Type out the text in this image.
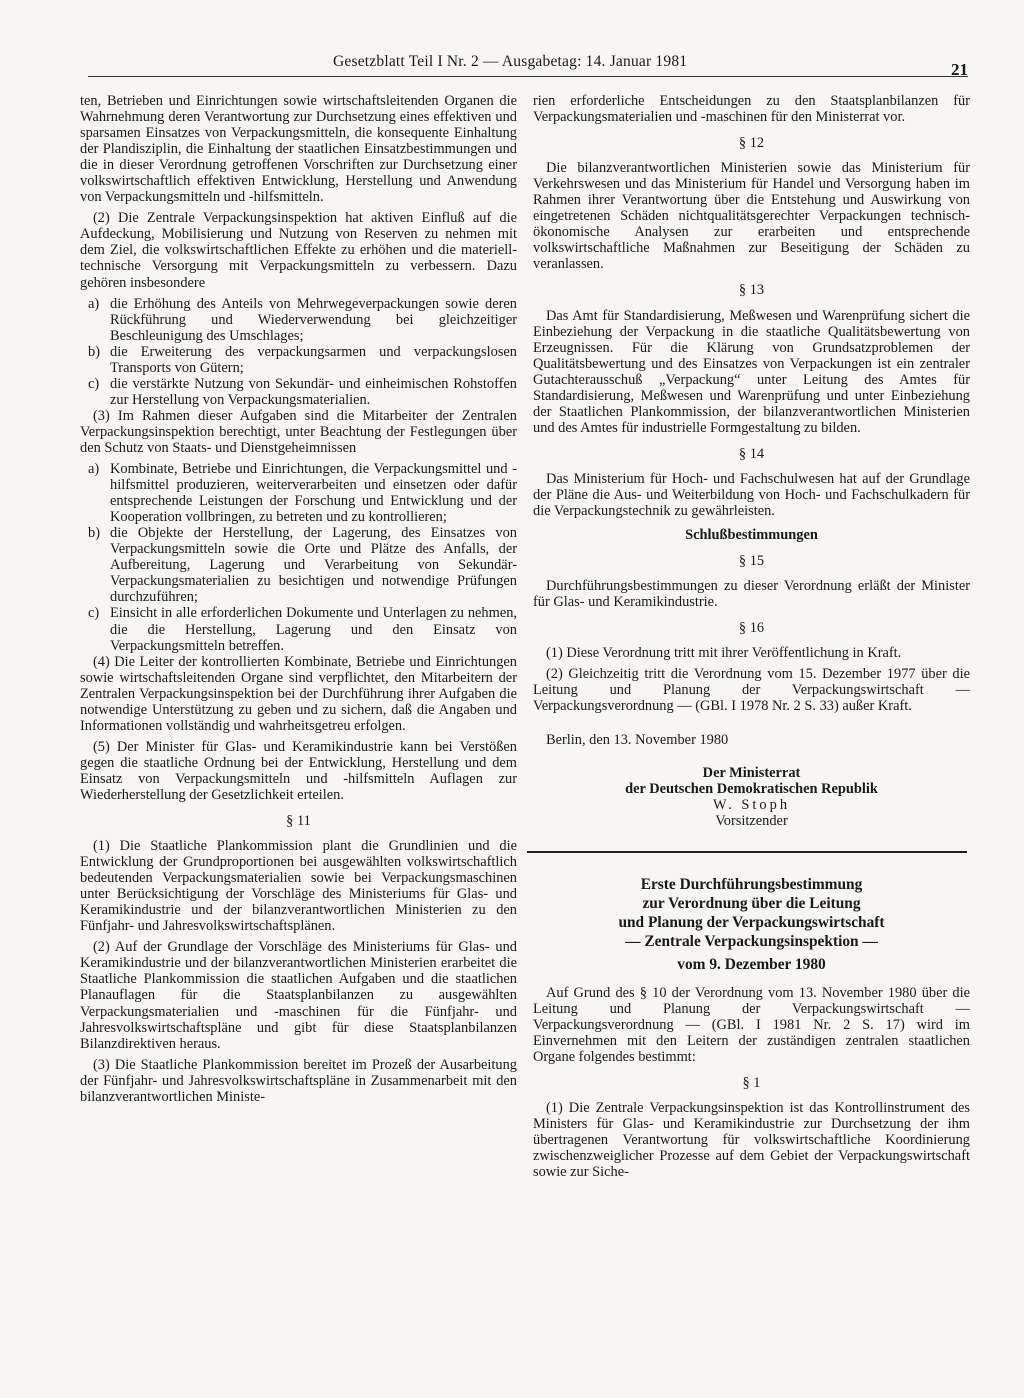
Gesetzblatt Teil I Nr. 2 — Ausgabetag: 14. Januar 1981	21

ten, Betrieben und Einrichtungen sowie wirtschaftsleitenden Organen die Wahrnehmung deren Verantwortung zur Durchsetzung eines effektiven und sparsamen Einsatzes von Verpackungsmitteln, die konsequente Einhaltung der Plandisziplin, die Einhaltung der staatlichen Einsatzbestimmungen und die in dieser Verordnung getroffenen Vorschriften zur Durchsetzung einer volkswirtschaftlich effektiven Entwicklung, Herstellung und Anwendung von Verpackungsmitteln und -hilfsmitteln.

(2) Die Zentrale Verpackungsinspektion hat aktiven Einfluß auf die Aufdeckung, Mobilisierung und Nutzung von Reserven zu nehmen mit dem Ziel, die volkswirtschaftlichen Effekte zu erhöhen und die materiell-technische Versorgung mit Verpackungsmitteln zu verbessern. Dazu gehören insbesondere

a) die Erhöhung des Anteils von Mehrwegeverpackungen sowie deren Rückführung und Wiederverwendung bei gleichzeitiger Beschleunigung des Umschlages;
b) die Erweiterung des verpackungsarmen und verpackungslosen Transports von Gütern;
c) die verstärkte Nutzung von Sekundär- und einheimischen Rohstoffen zur Herstellung von Verpackungsmaterialien.

(3) Im Rahmen dieser Aufgaben sind die Mitarbeiter der Zentralen Verpackungsinspektion berechtigt, unter Beachtung der Festlegungen über den Schutz von Staats- und Dienstgeheimnissen

a) Kombinate, Betriebe und Einrichtungen, die Verpackungsmittel und -hilfsmittel produzieren, weiterverarbeiten und einsetzen oder dafür entsprechende Leistungen der Forschung und Entwicklung und der Kooperation vollbringen, zu betreten und zu kontrollieren;
b) die Objekte der Herstellung, der Lagerung, des Einsatzes von Verpackungsmitteln sowie die Orte und Plätze des Anfalls, der Aufbereitung, Lagerung und Verarbeitung von Sekundär-Verpackungsmaterialien zu besichtigen und notwendige Prüfungen durchzuführen;
c) Einsicht in alle erforderlichen Dokumente und Unterlagen zu nehmen, die die Herstellung, Lagerung und den Einsatz von Verpackungsmitteln betreffen.

(4) Die Leiter der kontrollierten Kombinate, Betriebe und Einrichtungen sowie wirtschaftsleitenden Organe sind verpflichtet, den Mitarbeitern der Zentralen Verpackungsinspektion bei der Durchführung ihrer Aufgaben die notwendige Unterstützung zu geben und zu sichern, daß die Angaben und Informationen vollständig und wahrheitsgetreu erfolgen.

(5) Der Minister für Glas- und Keramikindustrie kann bei Verstößen gegen die staatliche Ordnung bei der Entwicklung, Herstellung und dem Einsatz von Verpackungsmitteln und -hilfsmitteln Auflagen zur Wiederherstellung der Gesetzlichkeit erteilen.

§ 11

(1) Die Staatliche Plankommission plant die Grundlinien und die Entwicklung der Grundproportionen bei ausgewählten volkswirtschaftlich bedeutenden Verpackungsmaterialien sowie bei Verpackungsmaschinen unter Berücksichtigung der Vorschläge des Ministeriums für Glas- und Keramikindustrie und der bilanzverantwortlichen Ministerien zu den Fünfjahr- und Jahresvolkswirtschaftsplänen.

(2) Auf der Grundlage der Vorschläge des Ministeriums für Glas- und Keramikindustrie und der bilanzverantwortlichen Ministerien erarbeitet die Staatliche Plankommission die staatlichen Aufgaben und die staatlichen Planauflagen für die Staatsplanbilanzen zu ausgewählten Verpackungsmaterialien und -maschinen für die Fünfjahr- und Jahresvolkswirtschaftspläne und gibt für diese Staatsplanbilanzen Bilanzdirektiven heraus.

(3) Die Staatliche Plankommission bereitet im Prozeß der Ausarbeitung der Fünfjahr- und Jahresvolkswirtschaftspläne in Zusammenarbeit mit den bilanzverantwortlichen Ministe-

rien erforderliche Entscheidungen zu den Staatsplanbilanzen für Verpackungsmaterialien und -maschinen für den Ministerrat vor.

§ 12

Die bilanzverantwortlichen Ministerien sowie das Ministerium für Verkehrswesen und das Ministerium für Handel und Versorgung haben im Rahmen ihrer Verantwortung über die Entstehung und Auswirkung von eingetretenen Schäden nichtqualitätsgerechter Verpackungen technisch-ökonomische Analysen zur erarbeiten und entsprechende volkswirtschaftliche Maßnahmen zur Beseitigung der Schäden zu veranlassen.

§ 13

Das Amt für Standardisierung, Meßwesen und Warenprüfung sichert die Einbeziehung der Verpackung in die staatliche Qualitätsbewertung von Erzeugnissen. Für die Klärung von Grundsatzproblemen der Qualitätsbewertung und des Einsatzes von Verpackungen ist ein zentraler Gutachterausschuß „Verpackung“ unter Leitung des Amtes für Standardisierung, Meßwesen und Warenprüfung und unter Einbeziehung der Staatlichen Plankommission, der bilanzverantwortlichen Ministerien und des Amtes für industrielle Formgestaltung zu bilden.

§ 14

Das Ministerium für Hoch- und Fachschulwesen hat auf der Grundlage der Pläne die Aus- und Weiterbildung von Hoch- und Fachschulkadern für die Verpackungstechnik zu gewährleisten.

Schlußbestimmungen
§ 15

Durchführungsbestimmungen zu dieser Verordnung erläßt der Minister für Glas- und Keramikindustrie.

§ 16

(1) Diese Verordnung tritt mit ihrer Veröffentlichung in Kraft.

(2) Gleichzeitig tritt die Verordnung vom 15. Dezember 1977 über die Leitung und Planung der Verpackungswirtschaft — Verpackungsverordnung — (GBl. I 1978 Nr. 2 S. 33) außer Kraft.

Berlin, den 13. November 1980

Der Ministerrat
der Deutschen Demokratischen Republik
W. Stoph
Vorsitzender
Erste Durchführungsbestimmung
zur Verordnung über die Leitung
und Planung der Verpackungswirtschaft
— Zentrale Verpackungsinspektion —
vom 9. Dezember 1980

Auf Grund des § 10 der Verordnung vom 13. November 1980 über die Leitung und Planung der Verpackungswirtschaft — Verpackungsverordnung — (GBl. I 1981 Nr. 2 S. 17) wird im Einvernehmen mit den Leitern der zuständigen zentralen staatlichen Organe folgendes bestimmt:

§ 1

(1) Die Zentrale Verpackungsinspektion ist das Kontrollinstrument des Ministers für Glas- und Keramikindustrie zur Durchsetzung der ihm übertragenen Verantwortung für volkswirtschaftliche Koordinierung zwischenzweiglicher Prozesse auf dem Gebiet der Verpackungswirtschaft sowie zur Siche-
